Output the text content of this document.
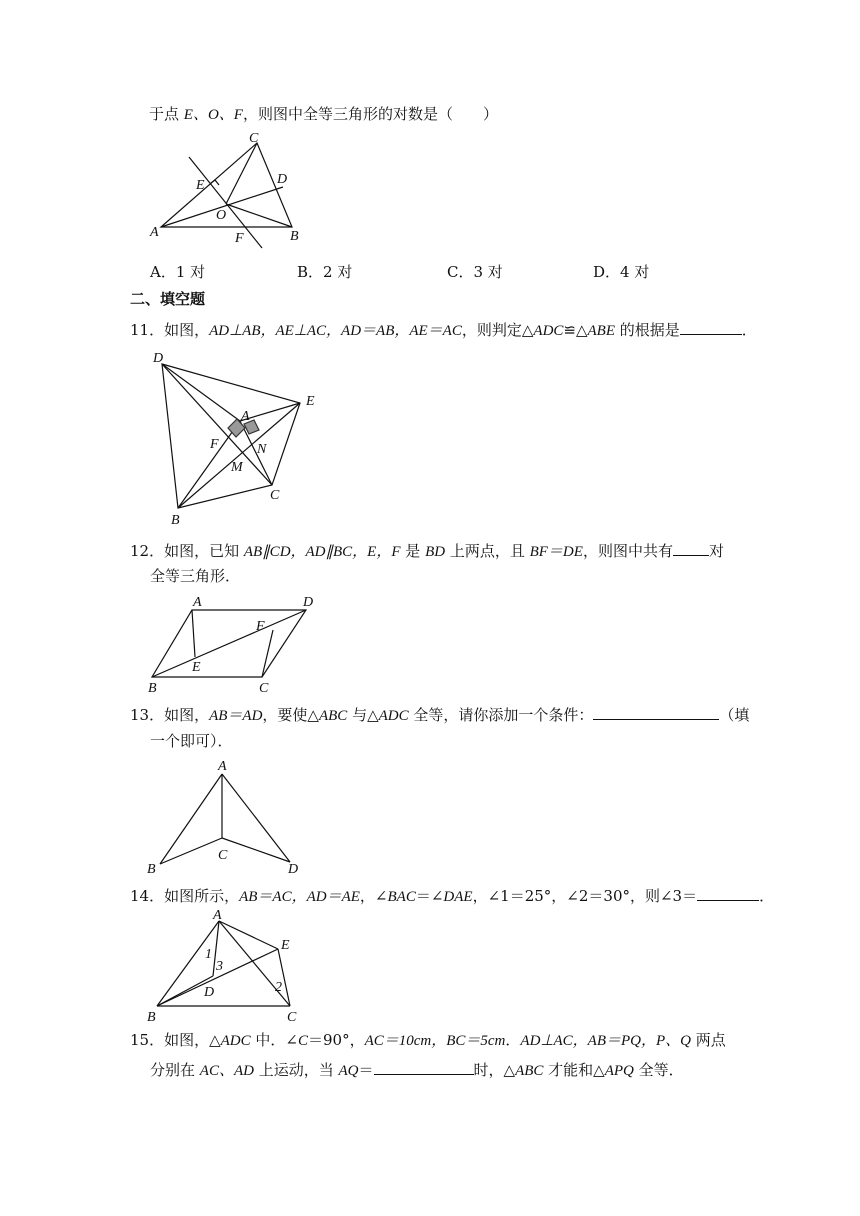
于点 E、O、F，则图中全等三角形的对数是（　　）
C
D
E
O
A	F	B
A．1 对	B．2 对	C．3 对	D．4 对
二、填空题
11．如图，AD⊥AB，AE⊥AC，AD＝AB，AE＝AC，则判定△ADC≌△ABE 的根据是	．
D
E
A
F	N
M
C
B
12．如图，已知 AB∥CD，AD∥BC，E，F 是 BD 上两点，且 BF＝DE，则图中共有 对
全等三角形．
A	D
F
E
B	C
13．如图，AB＝AD，要使△ABC 与△ADC 全等，请你添加一个条件：	（填
一个即可）．
A
C
B	D
14．如图所示，AB＝AC，AD＝AE，∠BAC＝∠DAE，∠1＝25°，∠2＝30°，则∠3＝	．
A
E
1
3
D	2
B	C
15．如图，△ADC 中．∠C＝90°，AC＝10cm，BC＝5cm．AD⊥AC，AB＝PQ，P、Q 两点
分别在 AC、AD 上运动，当 AQ＝	时，△ABC 才能和△APQ 全等．
